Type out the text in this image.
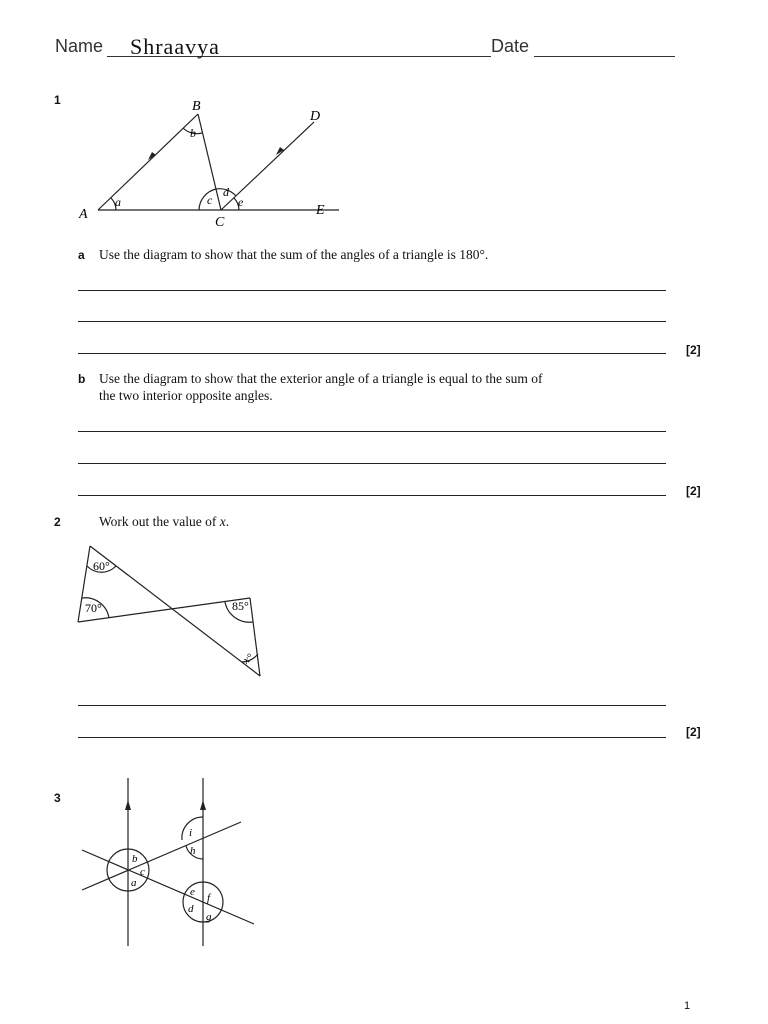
Name Shraavya	Date
1	B
D
A
C
E
a
b
c
d
e
a Use the diagram to show that the sum of the angles of a triangle is 180°.
[2]
b Use the diagram to show that the exterior angle of a triangle is equal to the sum of
the two interior opposite angles.
[2]
2	Work out the value of x.
60°
70°	85°
x°
[2]
3
b
c
a
i
h
e f
d
g
1
